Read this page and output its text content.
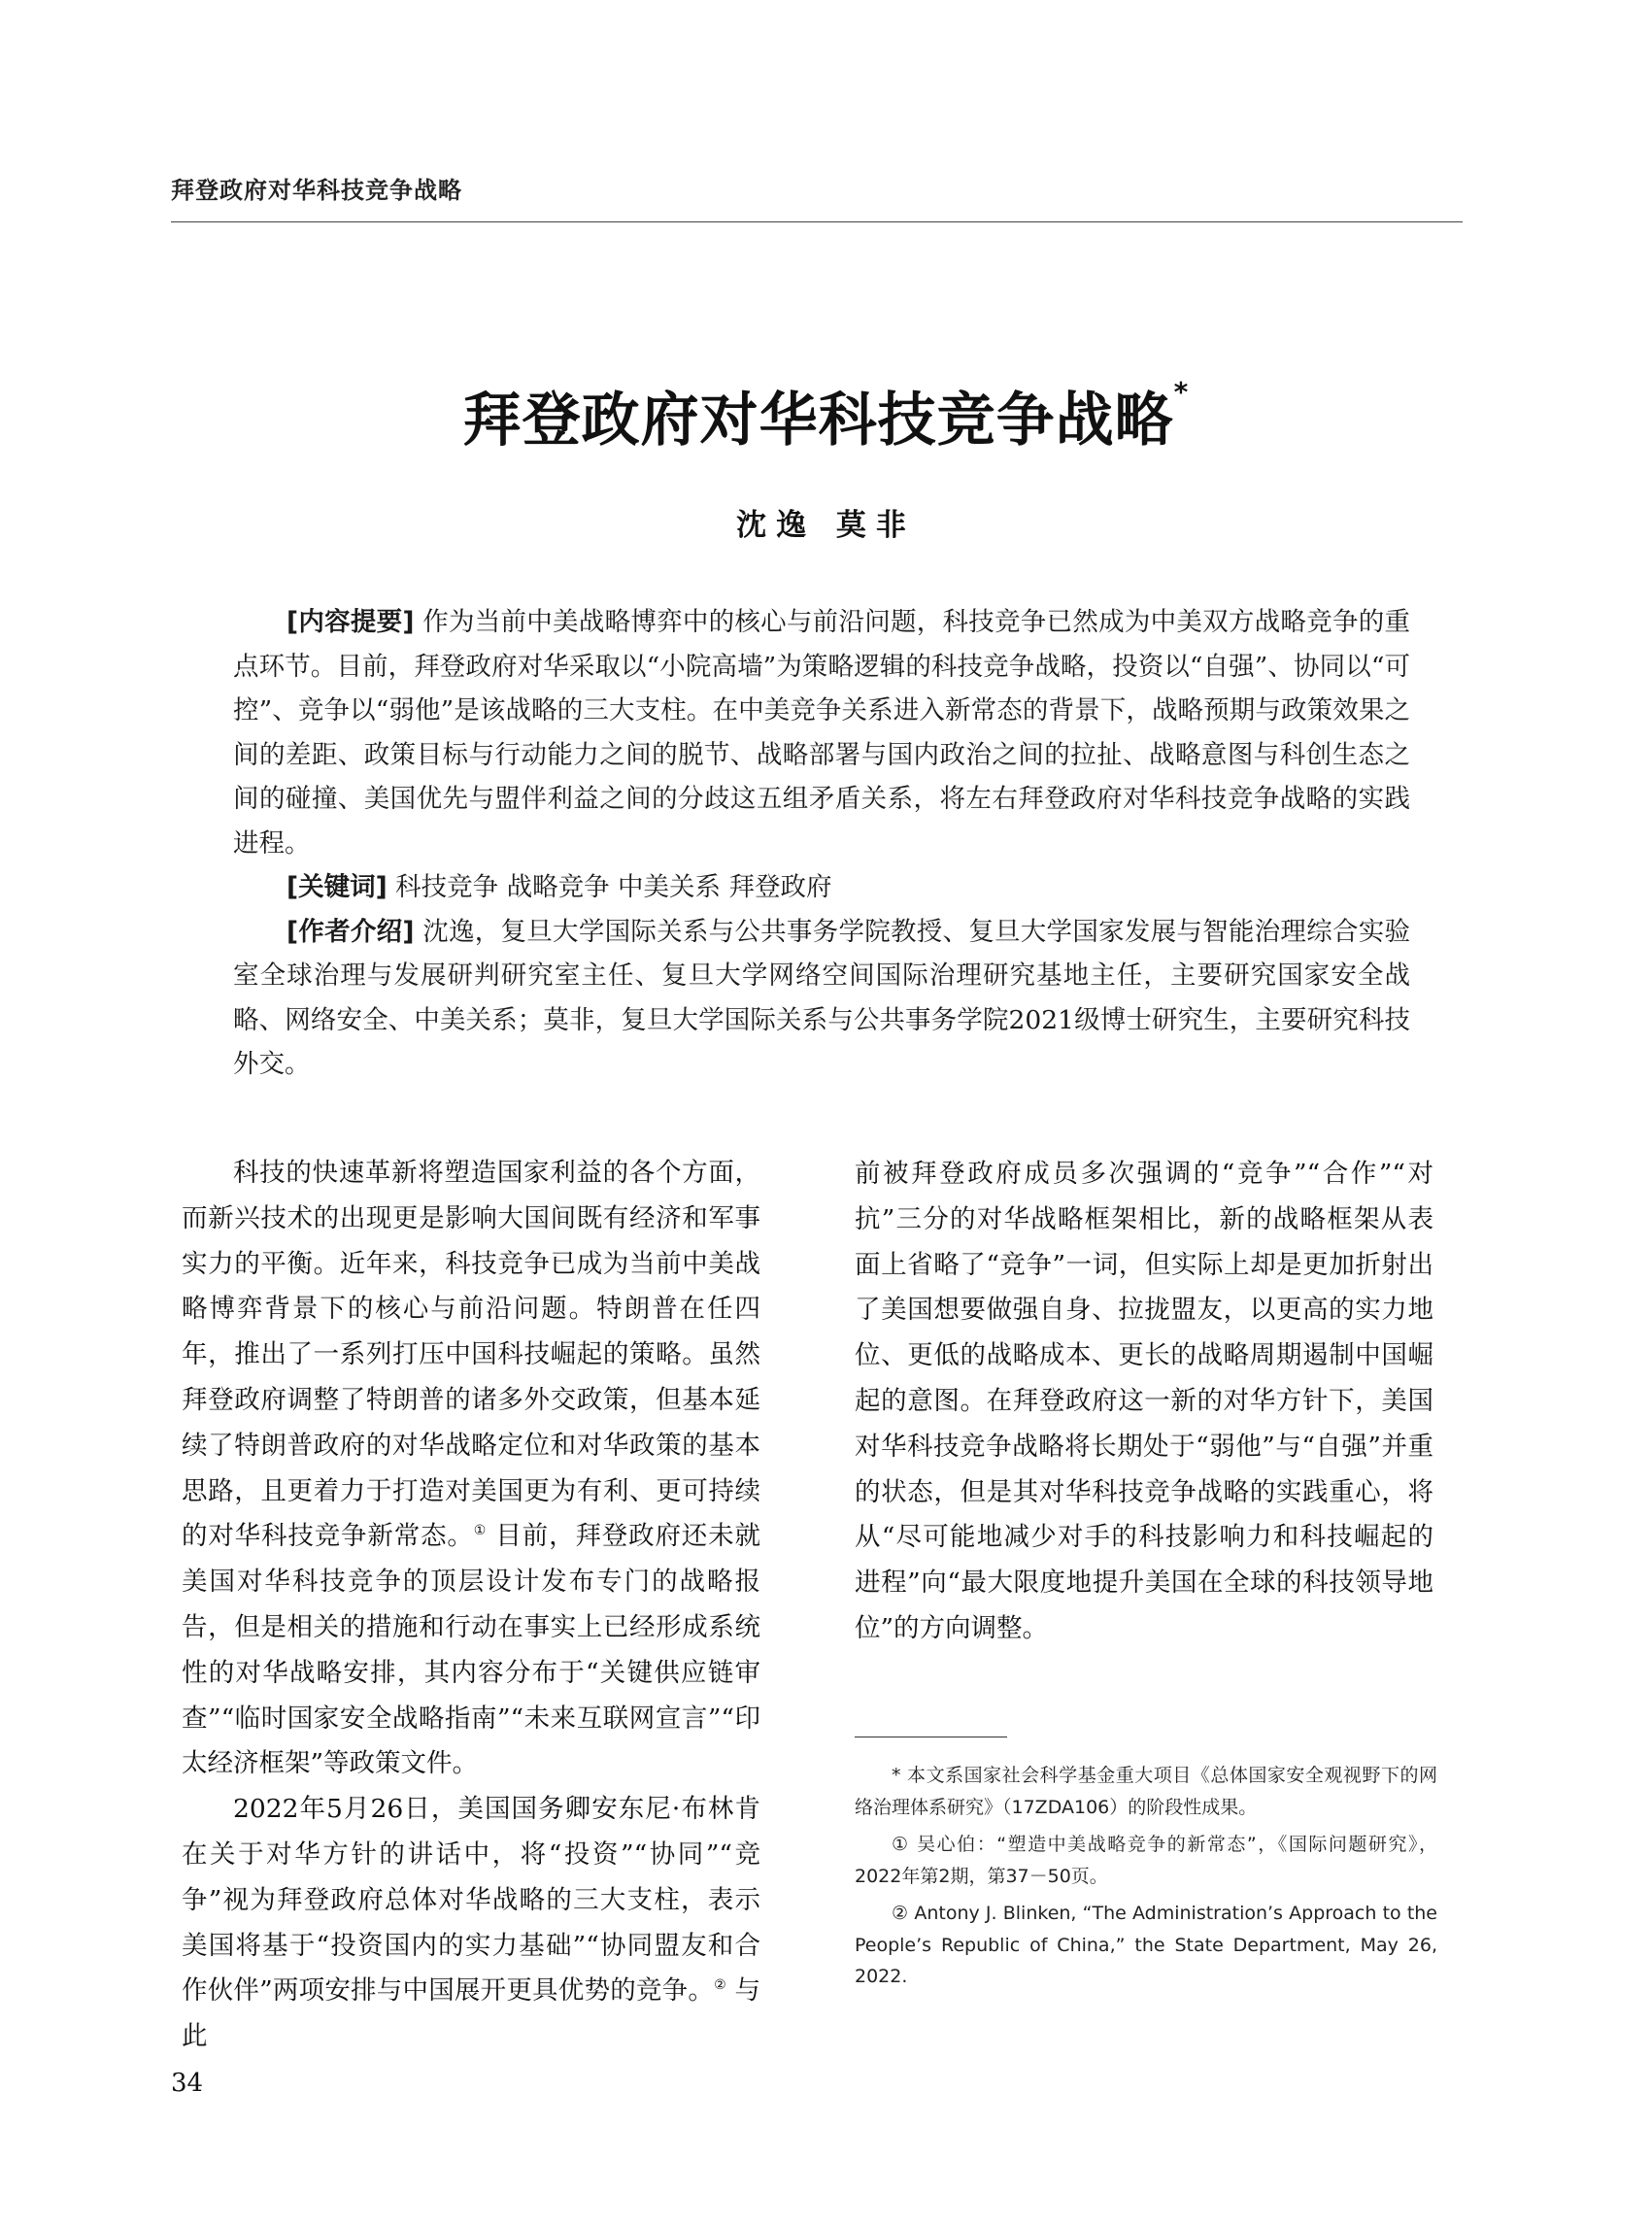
拜登政府对华科技竞争战略
拜登政府对华科技竞争战略*
沈逸 莫非

[内容提要] 作为当前中美战略博弈中的核心与前沿问题，科技竞争已然成为中美双方战略竞争的重点环节。目前，拜登政府对华采取以“小院高墙”为策略逻辑的科技竞争战略，投资以“自强”、协同以“可控”、竞争以“弱他”是该战略的三大支柱。在中美竞争关系进入新常态的背景下，战略预期与政策效果之间的差距、政策目标与行动能力之间的脱节、战略部署与国内政治之间的拉扯、战略意图与科创生态之间的碰撞、美国优先与盟伴利益之间的分歧这五组矛盾关系，将左右拜登政府对华科技竞争战略的实践进程。

[关键词] 科技竞争 战略竞争 中美关系 拜登政府

[作者介绍] 沈逸，复旦大学国际关系与公共事务学院教授、复旦大学国家发展与智能治理综合实验室全球治理与发展研判研究室主任、复旦大学网络空间国际治理研究基地主任，主要研究国家安全战略、网络安全、中美关系；莫非，复旦大学国际关系与公共事务学院2021级博士研究生，主要研究科技外交。

科技的快速革新将塑造国家利益的各个方面，而新兴技术的出现更是影响大国间既有经济和军事实力的平衡。近年来，科技竞争已成为当前中美战略博弈背景下的核心与前沿问题。特朗普在任四年，推出了一系列打压中国科技崛起的策略。虽然拜登政府调整了特朗普的诸多外交政策，但基本延续了特朗普政府的对华战略定位和对华政策的基本思路，且更着力于打造对美国更为有利、更可持续的对华科技竞争新常态。① 目前，拜登政府还未就美国对华科技竞争的顶层设计发布专门的战略报告，但是相关的措施和行动在事实上已经形成系统性的对华战略安排，其内容分布于“关键供应链审查”“临时国家安全战略指南”“未来互联网宣言”“印太经济框架”等政策文件。

2022年5月26日，美国国务卿安东尼·布林肯在关于对华方针的讲话中，将“投资”“协同”“竞争”视为拜登政府总体对华战略的三大支柱，表示美国将基于“投资国内的实力基础”“协同盟友和合作伙伴”两项安排与中国展开更具优势的竞争。② 与此

前被拜登政府成员多次强调的“竞争”“合作”“对抗”三分的对华战略框架相比，新的战略框架从表面上省略了“竞争”一词，但实际上却是更加折射出了美国想要做强自身、拉拢盟友，以更高的实力地位、更低的战略成本、更长的战略周期遏制中国崛起的意图。在拜登政府这一新的对华方针下，美国对华科技竞争战略将长期处于“弱他”与“自强”并重的状态，但是其对华科技竞争战略的实践重心，将从“尽可能地减少对手的科技影响力和科技崛起的进程”向“最大限度地提升美国在全球的科技领导地位”的方向调整。

* 本文系国家社会科学基金重大项目《总体国家安全观视野下的网络治理体系研究》（17ZDA106）的阶段性成果。

① 吴心伯：“塑造中美战略竞争的新常态”，《国际问题研究》，2022年第2期，第37－50页。

② Antony J. Blinken, “The Administration’s Approach to the People’s Republic of China,” the State Department, May 26, 2022.

34
